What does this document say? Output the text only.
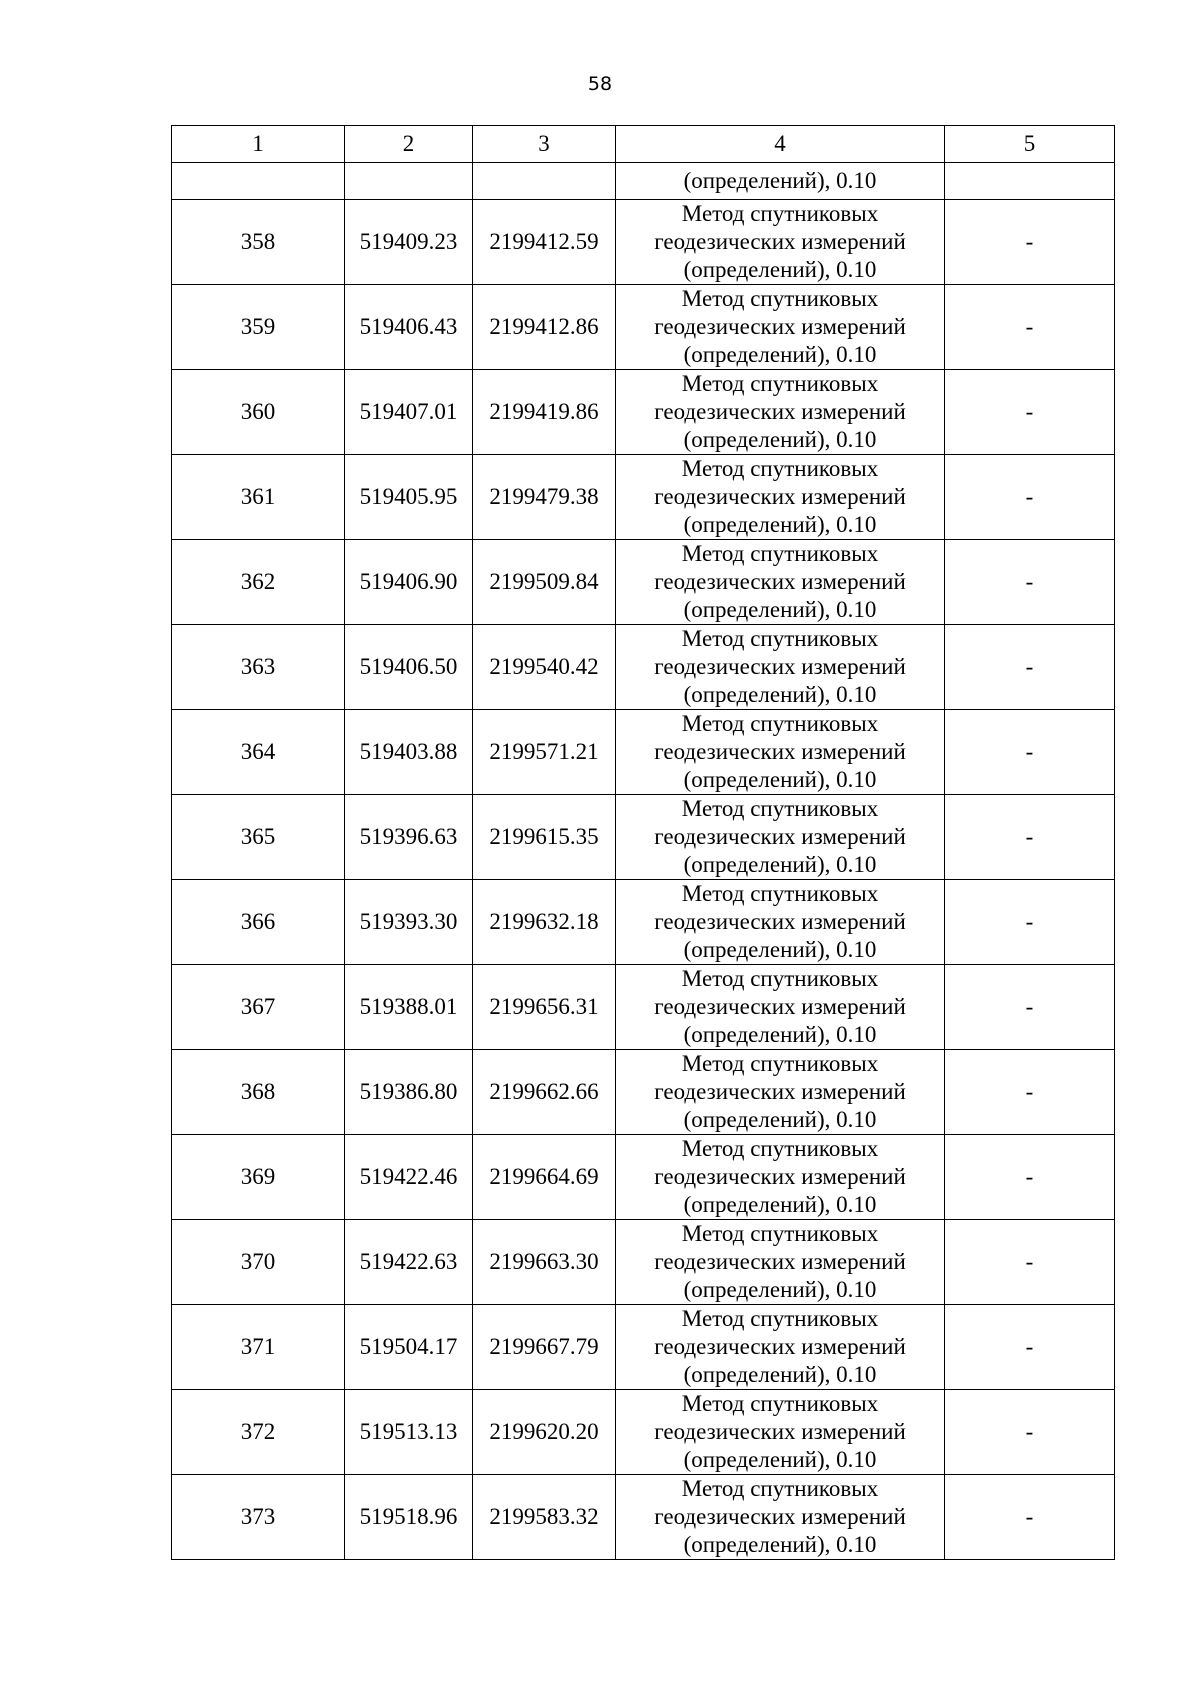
58
1	2	3	4	5
			(определений), 0.10	
358	519409.23	2199412.59	Метод спутниковых
геодезических измерений
(определений), 0.10	-
359	519406.43	2199412.86	Метод спутниковых
геодезических измерений
(определений), 0.10	-
360	519407.01	2199419.86	Метод спутниковых
геодезических измерений
(определений), 0.10	-
361	519405.95	2199479.38	Метод спутниковых
геодезических измерений
(определений), 0.10	-
362	519406.90	2199509.84	Метод спутниковых
геодезических измерений
(определений), 0.10	-
363	519406.50	2199540.42	Метод спутниковых
геодезических измерений
(определений), 0.10	-
364	519403.88	2199571.21	Метод спутниковых
геодезических измерений
(определений), 0.10	-
365	519396.63	2199615.35	Метод спутниковых
геодезических измерений
(определений), 0.10	-
366	519393.30	2199632.18	Метод спутниковых
геодезических измерений
(определений), 0.10	-
367	519388.01	2199656.31	Метод спутниковых
геодезических измерений
(определений), 0.10	-
368	519386.80	2199662.66	Метод спутниковых
геодезических измерений
(определений), 0.10	-
369	519422.46	2199664.69	Метод спутниковых
геодезических измерений
(определений), 0.10	-
370	519422.63	2199663.30	Метод спутниковых
геодезических измерений
(определений), 0.10	-
371	519504.17	2199667.79	Метод спутниковых
геодезических измерений
(определений), 0.10	-
372	519513.13	2199620.20	Метод спутниковых
геодезических измерений
(определений), 0.10	-
373	519518.96	2199583.32	Метод спутниковых
геодезических измерений
(определений), 0.10	-
